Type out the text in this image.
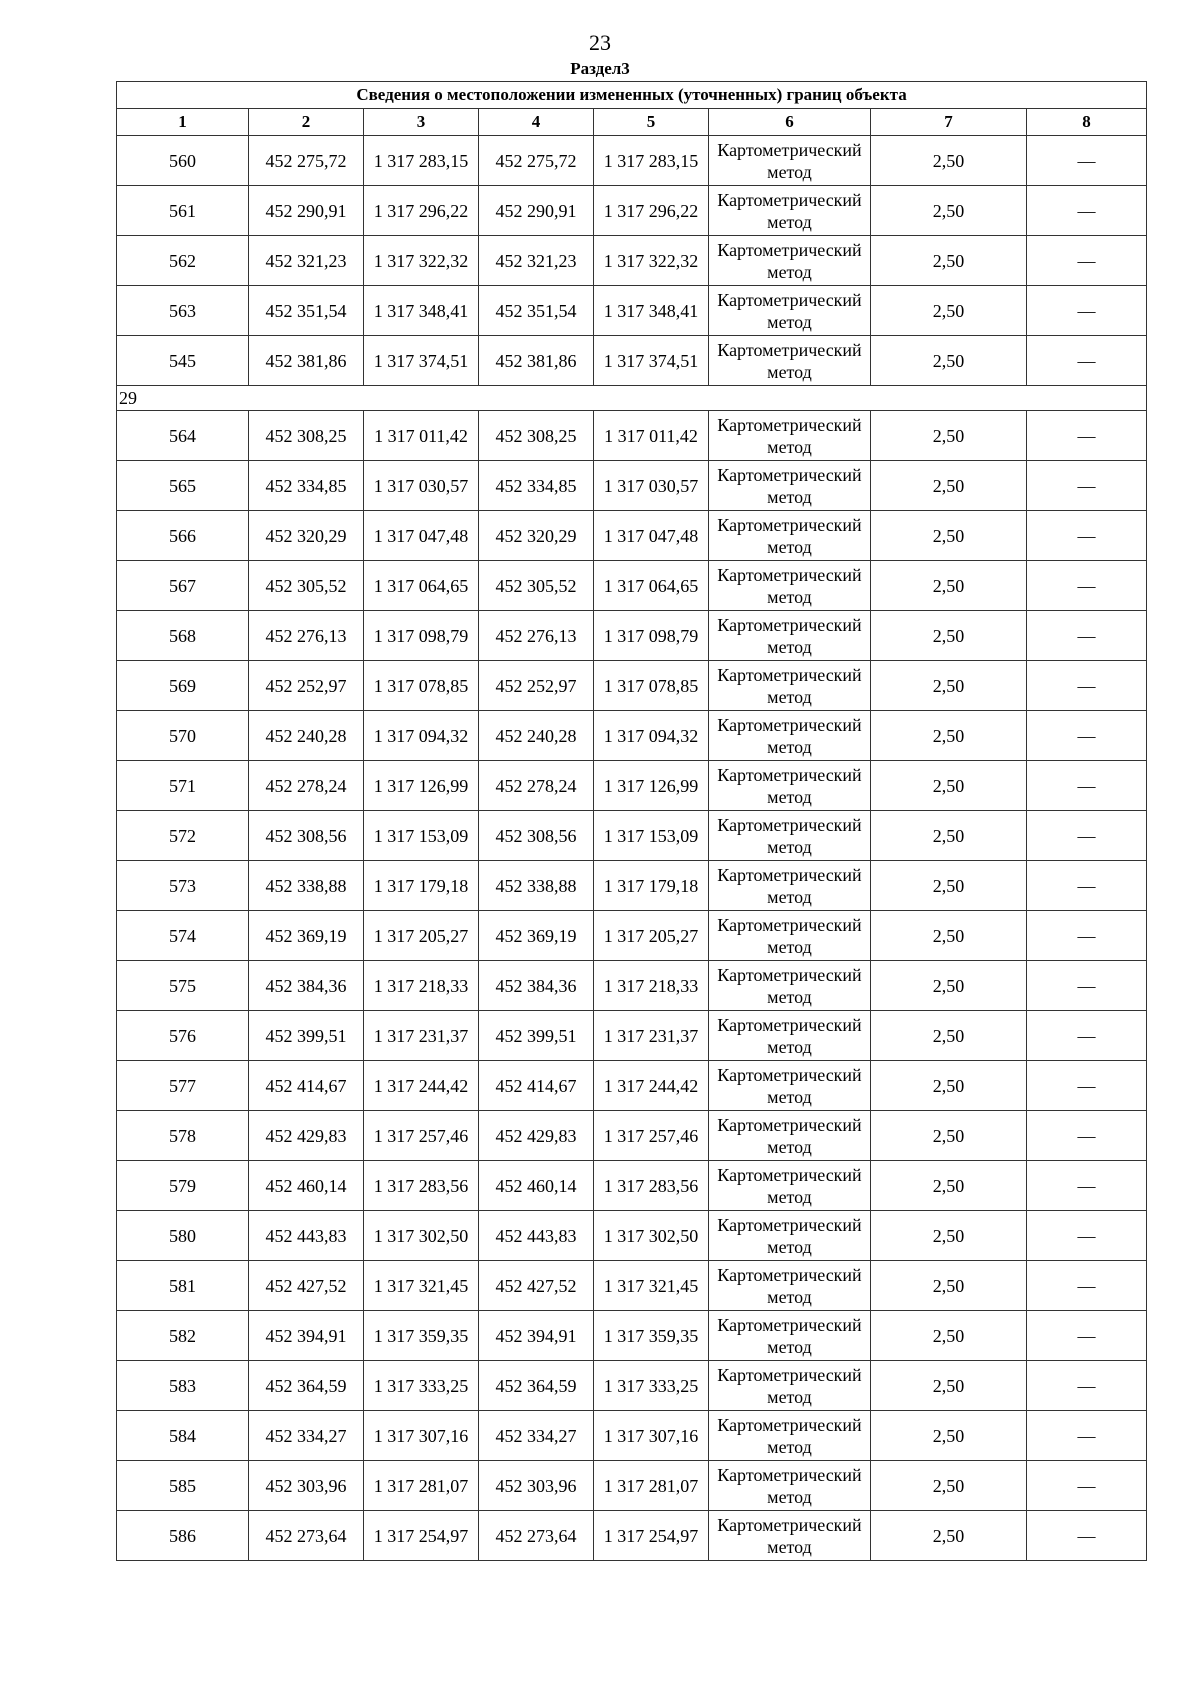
23
Раздел3
Сведения о местоположении измененных (уточненных) границ объекта							
1	2	3	4	5	6	7	8
560	452 275,72	1 317 283,15	452 275,72	1 317 283,15	Картометрический метод	2,50	—
561	452 290,91	1 317 296,22	452 290,91	1 317 296,22	Картометрический метод	2,50	—
562	452 321,23	1 317 322,32	452 321,23	1 317 322,32	Картометрический метод	2,50	—
563	452 351,54	1 317 348,41	452 351,54	1 317 348,41	Картометрический метод	2,50	—
545	452 381,86	1 317 374,51	452 381,86	1 317 374,51	Картометрический метод	2,50	—
29							
564	452 308,25	1 317 011,42	452 308,25	1 317 011,42	Картометрический метод	2,50	—
565	452 334,85	1 317 030,57	452 334,85	1 317 030,57	Картометрический метод	2,50	—
566	452 320,29	1 317 047,48	452 320,29	1 317 047,48	Картометрический метод	2,50	—
567	452 305,52	1 317 064,65	452 305,52	1 317 064,65	Картометрический метод	2,50	—
568	452 276,13	1 317 098,79	452 276,13	1 317 098,79	Картометрический метод	2,50	—
569	452 252,97	1 317 078,85	452 252,97	1 317 078,85	Картометрический метод	2,50	—
570	452 240,28	1 317 094,32	452 240,28	1 317 094,32	Картометрический метод	2,50	—
571	452 278,24	1 317 126,99	452 278,24	1 317 126,99	Картометрический метод	2,50	—
572	452 308,56	1 317 153,09	452 308,56	1 317 153,09	Картометрический метод	2,50	—
573	452 338,88	1 317 179,18	452 338,88	1 317 179,18	Картометрический метод	2,50	—
574	452 369,19	1 317 205,27	452 369,19	1 317 205,27	Картометрический метод	2,50	—
575	452 384,36	1 317 218,33	452 384,36	1 317 218,33	Картометрический метод	2,50	—
576	452 399,51	1 317 231,37	452 399,51	1 317 231,37	Картометрический метод	2,50	—
577	452 414,67	1 317 244,42	452 414,67	1 317 244,42	Картометрический метод	2,50	—
578	452 429,83	1 317 257,46	452 429,83	1 317 257,46	Картометрический метод	2,50	—
579	452 460,14	1 317 283,56	452 460,14	1 317 283,56	Картометрический метод	2,50	—
580	452 443,83	1 317 302,50	452 443,83	1 317 302,50	Картометрический метод	2,50	—
581	452 427,52	1 317 321,45	452 427,52	1 317 321,45	Картометрический метод	2,50	—
582	452 394,91	1 317 359,35	452 394,91	1 317 359,35	Картометрический метод	2,50	—
583	452 364,59	1 317 333,25	452 364,59	1 317 333,25	Картометрический метод	2,50	—
584	452 334,27	1 317 307,16	452 334,27	1 317 307,16	Картометрический метод	2,50	—
585	452 303,96	1 317 281,07	452 303,96	1 317 281,07	Картометрический метод	2,50	—
586	452 273,64	1 317 254,97	452 273,64	1 317 254,97	Картометрический метод	2,50	—
